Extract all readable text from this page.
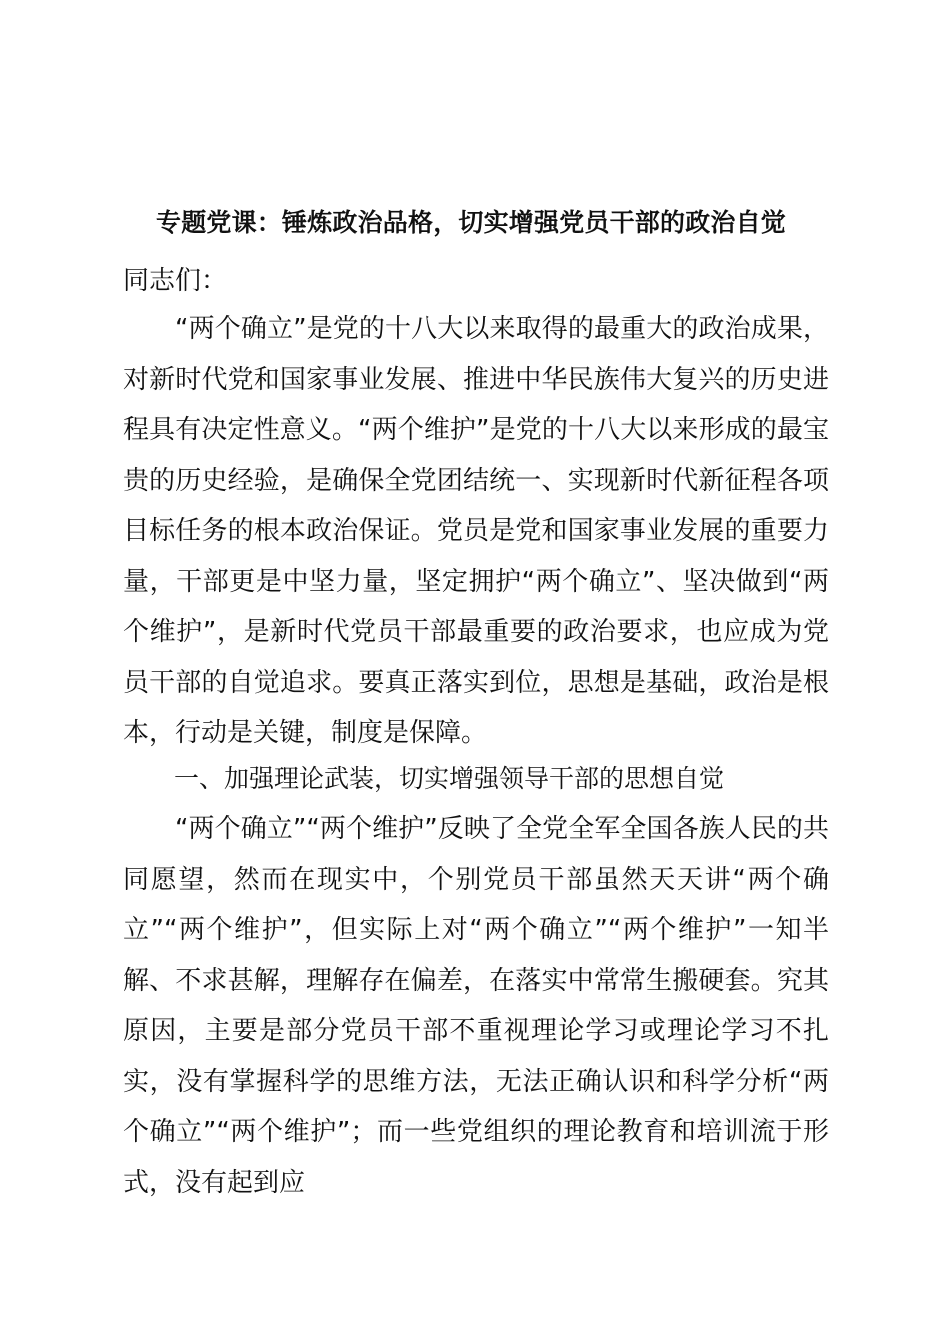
专题党课：锤炼政治品格，切实增强党员干部的政治自觉

同志们：

“两个确立”是党的十八大以来取得的最重大的政治成果，对新时代党和国家事业发展、推进中华民族伟大复兴的历史进程具有决定性意义。“两个维护”是党的十八大以来形成的最宝贵的历史经验，是确保全党团结统一、实现新时代新征程各项目标任务的根本政治保证。党员是党和国家事业发展的重要力量，干部更是中坚力量，坚定拥护“两个确立”、坚决做到“两个维护”，是新时代党员干部最重要的政治要求，也应成为党员干部的自觉追求。要真正落实到位，思想是基础，政治是根本，行动是关键，制度是保障。

一、加强理论武装，切实增强领导干部的思想自觉

“两个确立”“两个维护”反映了全党全军全国各族人民的共同愿望，然而在现实中，个别党员干部虽然天天讲“两个确立”“两个维护”，但实际上对“两个确立”“两个维护”一知半解、不求甚解，理解存在偏差，在落实中常常生搬硬套。究其原因，主要是部分党员干部不重视理论学习或理论学习不扎实，没有掌握科学的思维方法，无法正确认识和科学分析“两个确立”“两个维护”；而一些党组织的理论教育和培训流于形式，没有起到应
